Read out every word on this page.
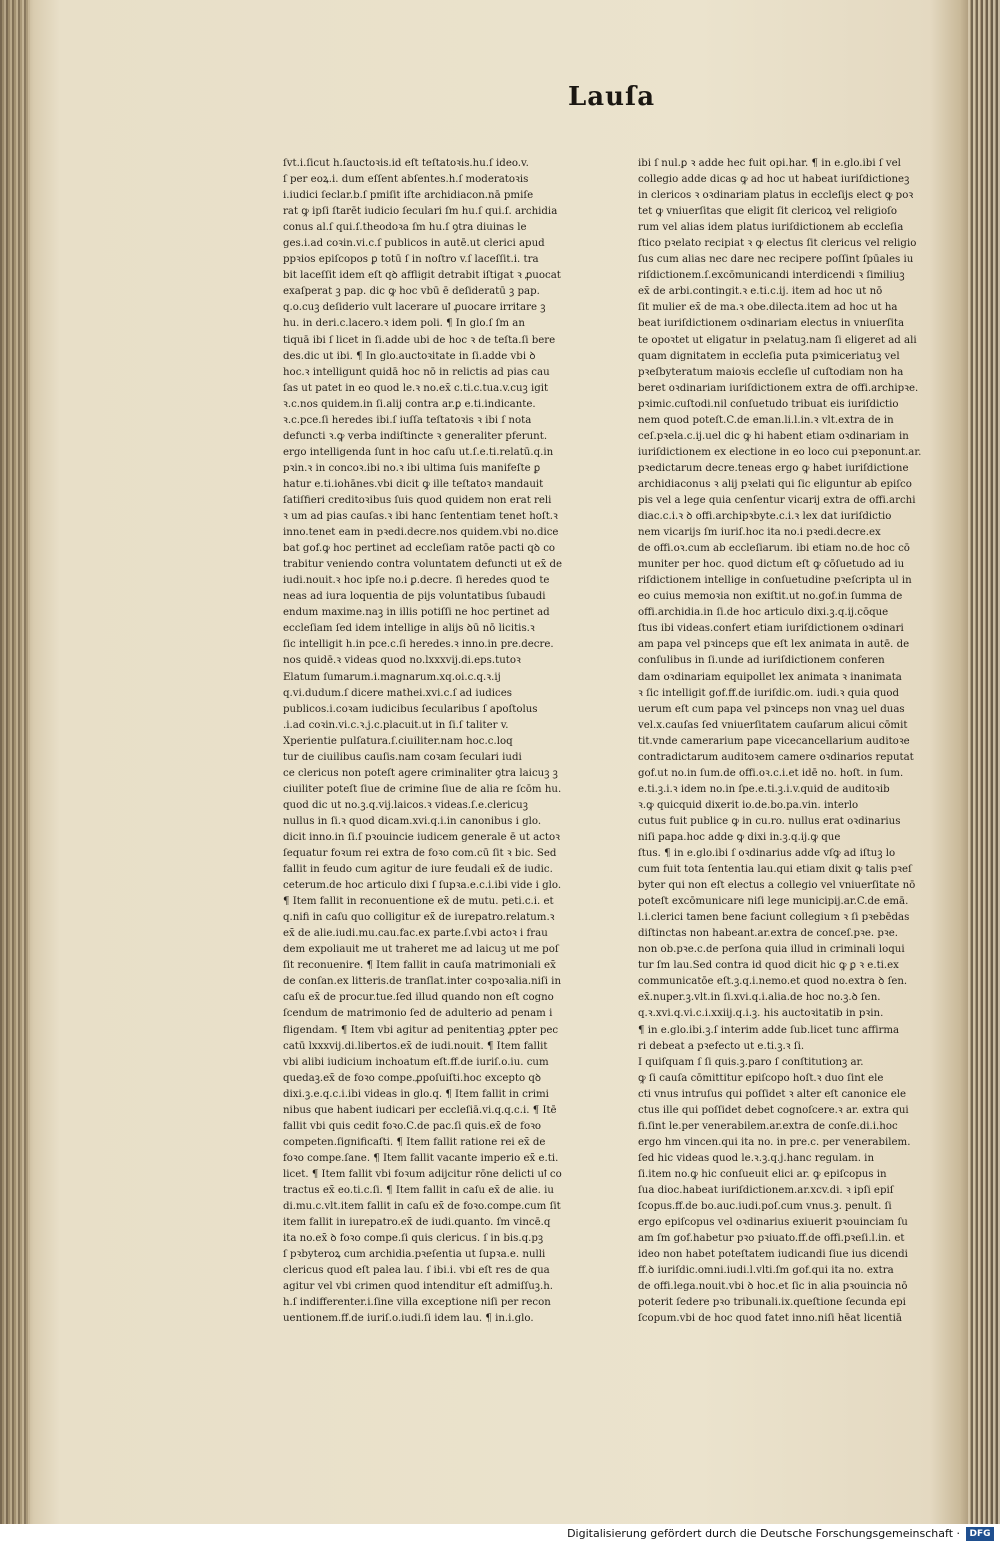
Lauſa
ſvt.i.ſicut h.ſauctoꝛis.id eſt teſtatoꝛis.hu.ſ ideo.v.
ſ per eoꝝ.i. dum eſſent abſentes.h.ſ moderatoꝛis
i.iudici ſeclar.b.ſ pmiſit iſte archidiacon.nā pmiſe
rat ꝙ ipſi ſtarēt iudicio ſeculari ſm hu.ſ qui.ſ. archidia
conus al.ſ qui.ſ.theodoꝛa ſm hu.ſ ꝯtra diuinas le
ges.i.ad coꝛin.vi.c.ſ publicos in autē.ut clerici apud
ppꝛios epiſcopos ꝑ totū ſ in noſtro v.ſ laceſſit.i. tra
bit laceſſit idem eſt qꝺ affligit detrabit iſtigat ꝛ ꝓuocat
exaſperat ꝫ pap. dic ꝙ hoc vbū ē deſideratū ꝫ pap.
q.o.cuꝫ deſiderio vult lacerare uꝉ ꝓuocare irritare ꝫ
hu. in deri.c.lacero.ꝛ idem poli. ¶ In glo.ſ ſm an
tiquā ibi ſ licet in ſi.adde ubi de hoc ꝛ de teſta.ſi bere
des.dic ut ibi. ¶ In glo.auctoꝛitate in ſi.adde vbi ꝺ
hoc.ꝛ intelligunt quidā hoc nō in relictis ad pias cau
ſas ut patet in eo quod le.ꝛ no.ex̄ c.ti.c.tua.v.cuꝫ igit
ꝛ.c.nos quidem.in ſi.alij contra ar.ꝑ e.ti.indicante.
ꝛ.c.pce.ſi heredes ibi.ſ iuſſa teſtatoꝛis ꝛ ibi ſ nota
defuncti ꝛ.ꝙ verba indiſtincte ꝛ generaliter pferunt.
ergo intelligenda ſunt in hoc caſu ut.ſ.e.ti.relatū.q.in
pꝛin.ꝛ in concoꝛ.ibi no.ꝛ ibi ultima ſuis manifeſte ꝑ
hatur e.ti.iohānes.vbi dicit ꝙ ille teſtatoꝛ mandauit
ſatiſfieri creditoꝛibus ſuis quod quidem non erat reli
ꝛ um ad pias cauſas.ꝛ ibi hanc ſententiam tenet hoſt.ꝛ
inno.tenet eam in pꝛedi.decre.nos quidem.vbi no.dice
bat gof.ꝙ hoc pertinet ad eccleſiam ratōe pacti qꝺ co
trabitur veniendo contra voluntatem defuncti ut ex̄ de
iudi.nouit.ꝛ hoc ipſe no.i ꝑ.decre. ſi heredes quod te
neas ad iura loquentia de pijs voluntatibus ſubaudi
endum maxime.naꝫ in illis potiſſi ne hoc pertinet ad
eccleſiam ſed idem intellige in alijs ꝺū nō licitis.ꝛ
ſic intelligit h.in pce.c.ſi heredes.ꝛ inno.in pre.decre.
nos quidē.ꝛ videas quod no.lxxxvij.di.eps.tutoꝛ
Elatum ſumarum.i.magnarum.xq.oi.c.q.ꝛ.ij
q.vi.dudum.ſ dicere mathei.xvi.c.ſ ad iudices
publicos.i.coꝛam iudicibus ſecularibus ſ apoſtolus
.i.ad coꝛin.vi.c.ꝛ.j.c.placuit.ut in ſi.ſ taliter v.
Xperientie pulſatura.ſ.ciuiliter.nam hoc.c.loq
tur de ciuilibus cauſis.nam coꝛam ſeculari iudi
ce clericus non poteſt agere criminaliter ꝯtra laicuꝫ ꝫ
ciuiliter poteſt ſiue de crimine ſiue de alia re ſcōm hu.
quod dic ut no.ꝫ.q.vij.laicos.ꝛ videas.ſ.e.clericuꝫ
nullus in ſi.ꝛ quod dicam.xvi.q.i.in canonibus i glo.
dicit inno.in ſi.ſ pꝛouincie iudicem generale ē ut actoꝛ
ſequatur foꝛum rei extra de foꝛo com.cū ſit ꝛ bic. Sed
fallit in feudo cum agitur de iure feudali ex̄ de iudic.
ceterum.de hoc articulo dixi ſ ſupꝛa.e.c.i.ibi vide i glo.
¶ Item fallit in reconuentione ex̄ de mutu. peti.c.i. et
q.nifi in caſu quo colligitur ex̄ de iurepatro.relatum.ꝛ
ex̄ de alie.iudi.mu.cau.fac.ex parte.ſ.vbi actoꝛ i frau
dem expoliauit me ut traheret me ad laicuꝫ ut me poſ
ſit reconuenire. ¶ Item fallit in cauſa matrimoniali ex̄
de conſan.ex litteris.de tranſlat.inter coꝛpoꝛalia.niſi in
caſu ex̄ de procur.tue.ſed illud quando non eſt cogno
ſcendum de matrimonio ſed de adulterio ad penam i
fligendam. ¶ Item vbi agitur ad penitentiaꝫ ꝓpter pec
catū lxxxvij.di.libertos.ex̄ de iudi.nouit. ¶ Item fallit
vbi alibi iudicium inchoatum eſt.ff.de iuriſ.o.iu. cum
quedaꝫ.ex̄ de foꝛo compe.ꝓpoſuiſti.hoc excepto qꝺ
dixi.ꝫ.e.q.c.i.ibi videas in glo.q. ¶ Item fallit in crimi
nibus que habent iudicari per eccleſiā.vi.q.q.c.i. ¶ Itē
fallit vbi quis cedit foꝛo.C.de pac.ſi quis.ex̄ de foꝛo
competen.ſignificaſti. ¶ Item fallit ratione rei ex̄ de
foꝛo compe.ſane. ¶ Item fallit vacante imperio ex̄ e.ti.
licet. ¶ Item fallit vbi foꝛum adijcitur rōne delicti uꝉ co
tractus ex̄ eo.ti.c.ſi. ¶ Item fallit in caſu ex̄ de alie. iu
di.mu.c.vlt.item fallit in caſu ex̄ de foꝛo.compe.cum ſit
item fallit in iurepatro.ex̄ de iudi.quanto. ſm vincē.q
ita no.ex̄ ꝺ foꝛo compe.ſi quis clericus. ſ in bis.q.pꝫ
ſ pꝛbyteroꝝ cum archidia.pꝛeſentia ut ſupꝛa.e. nulli
clericus quod eſt palea lau. ſ ibi.i. vbi eſt res de qua
agitur vel vbi crimen quod intenditur eſt admiſſuꝫ.h.
h.ſ indifferenter.i.ſine villa exceptione niſi per recon
uentionem.ff.de iuriſ.o.iudi.ſi idem lau. ¶ in.i.glo.
ibi ſ nul.ꝑ ꝛ adde hec fuit opi.har. ¶ in e.glo.ibi ſ vel
collegio adde dicas ꝙ ad hoc ut habeat iuriſdictioneꝫ
in clericos ꝛ oꝛdinariam platus in eccleſijs elect ꝙ poꝛ
tet ꝙ vniuerſitas que eligit ſit clericoꝝ vel religioſo
rum vel alias idem platus iuriſdictionem ab eccleſia
ſtico pꝛelato recipiat ꝛ ꝙ electus ſit clericus vel religio
ſus cum alias nec dare nec recipere poſſint ſpūales iu
riſdictionem.ſ.excōmunicandi interdicendi ꝛ ſimiliuꝫ
ex̄ de arbi.contingit.ꝛ e.ti.c.ij. item ad hoc ut nō
ſit mulier ex̄ de ma.ꝛ obe.dilecta.item ad hoc ut ha
beat iuriſdictionem oꝛdinariam electus in vniuerſita
te opoꝛtet ut eligatur in pꝛelatuꝫ.nam ſi eligeret ad ali
quam dignitatem in eccleſia puta pꝛimiceriatuꝫ vel
pꝛeſbyteratum maioꝛis eccleſie uꝉ cuſtodiam non ha
beret oꝛdinariam iuriſdictionem extra de offi.archipꝛe.
pꝛimic.cuſtodi.nil conſuetudo tribuat eis iuriſdictio
nem quod poteſt.C.de eman.li.l.in.ꝛ vlt.extra de in
ceſ.pꝛela.c.ij.uel dic ꝙ hi habent etiam oꝛdinariam in
iuriſdictionem ex electione in eo loco cui pꝛeponunt.ar.
pꝛedictarum decre.teneas ergo ꝙ habet iuriſdictione
archidiaconus ꝛ alij pꝛelati qui ſic eliguntur ab epiſco
pis vel a lege quia cenſentur vicarij extra de offi.archi
diac.c.i.ꝛ ꝺ offi.archipꝛbyte.c.i.ꝛ lex dat iuriſdictio
nem vicarijs ſm iuriſ.hoc ita no.i pꝛedi.decre.ex
de offi.oꝛ.cum ab eccleſiarum. ibi etiam no.de hoc cō
muniter per hoc. quod dictum eſt ꝙ cōſuetudo ad iu
riſdictionem intellige in conſuetudine pꝛeſcripta ul in
eo cuius memoꝛia non exiſtit.ut no.gof.in ſumma de
offi.archidia.in ſi.de hoc articulo dixi.ꝫ.q.ij.cōque
ſtus ibi videas.confert etiam iuriſdictionem oꝛdinari
am papa vel pꝛinceps que eſt lex animata in autē. de
conſulibus in ſi.unde ad iuriſdictionem conferen
dam oꝛdinariam equipollet lex animata ꝛ inanimata
ꝛ ſic intelligit gof.ff.de iuriſdic.om. iudi.ꝛ quia quod
uerum eſt cum papa vel pꝛinceps non vnaꝫ uel duas
vel.x.cauſas ſed vniuerſitatem cauſarum alicui cōmit
tit.vnde camerarium pape vicecancellarium auditoꝛe
contradictarum auditoꝛem camere oꝛdinarios reputat
gof.ut no.in ſum.de offi.oꝛ.c.i.et idē no. hoſt. in ſum.
e.ti.ꝫ.i.ꝛ idem no.in ſpe.e.ti.ꝫ.i.v.quid de auditoꝛib
ꝛ.ꝙ quicquid dixerit io.de.bo.pa.vin. interlo
cutus fuit publice ꝙ in cu.ro. nullus erat oꝛdinarius
niſi papa.hoc adde ꝙ dixi in.ꝫ.q.ij.ꝙ que
ſtus. ¶ in e.glo.ibi ſ oꝛdinarius adde vſꝙ ad iſtuꝫ lo
cum fuit tota ſententia lau.qui etiam dixit ꝙ talis pꝛeſ
byter qui non eſt electus a collegio vel vniuerſitate nō
poteſt excōmunicare niſi lege municipij.ar.C.de emā.
l.i.clerici tamen bene faciunt collegium ꝛ ſi pꝛebēdas
diſtinctas non habeant.ar.extra de conceſ.pꝛe. pꝛe.
non ob.pꝛe.c.de perſona quia illud in criminali loqui
tur ſm lau.Sed contra id quod dicit hic ꝙ ꝑ ꝛ e.ti.ex
communicatōe eſt.ꝫ.q.i.nemo.et quod no.extra ꝺ ſen.
ex̄.nuper.ꝫ.vlt.in ſi.xvi.q.i.alia.de hoc no.ꝫ.ꝺ ſen.
q.ꝛ.xvi.q.vi.c.i.xxiij.q.i.ꝫ. his auctoꝛitatib in pꝛin.
¶ in e.glo.ibi.ꝫ.ſ interim adde ſub.licet tunc affirma
ri debeat a pꝛefecto ut e.ti.ꝫ.ꝛ ſi.
I quiſquam ſ ſi quis.ꝫ.paro ſ conſtitutionꝫ ar.
ꝙ ſi cauſa cōmittitur epiſcopo hoſt.ꝛ duo ſint ele
cti vnus intruſus qui poſſidet ꝛ alter eſt canonice ele
ctus ille qui poſſidet debet cognoſcere.ꝛ ar. extra qui
fi.ſint le.per venerabilem.ar.extra de conſe.di.i.hoc
ergo hm vincen.qui ita no. in pre.c. per venerabilem.
ſed hic videas quod le.ꝛ.ꝫ.q.j.hanc regulam. in
ſi.item no.ꝙ hic conſueuit elici ar. ꝙ epiſcopus in
ſua dioc.habeat iuriſdictionem.ar.xcv.di. ꝛ ipſi epiſ
ſcopus.ff.de bo.auc.iudi.poſ.cum vnus.ꝫ. penult. ſi
ergo epiſcopus vel oꝛdinarius exiuerit pꝛouinciam ſu
am ſm gof.habetur pꝛo pꝛiuato.ff.de offi.pꝛeſi.l.in. et
ideo non habet poteſtatem iudicandi ſiue ius dicendi
ff.ꝺ iuriſdic.omni.iudi.l.vlti.ſm gof.qui ita no. extra
de offi.lega.nouit.vbi ꝺ hoc.et ſic in alia pꝛouincia nō
poterit ſedere pꝛo tribunali.ix.queſtione ſecunda epi
ſcopum.vbi de hoc quod fatet inno.niſi hēat licentiā
Digitalisierung gefördert durch die Deutsche Forschungsgemeinschaft ·	DFG
